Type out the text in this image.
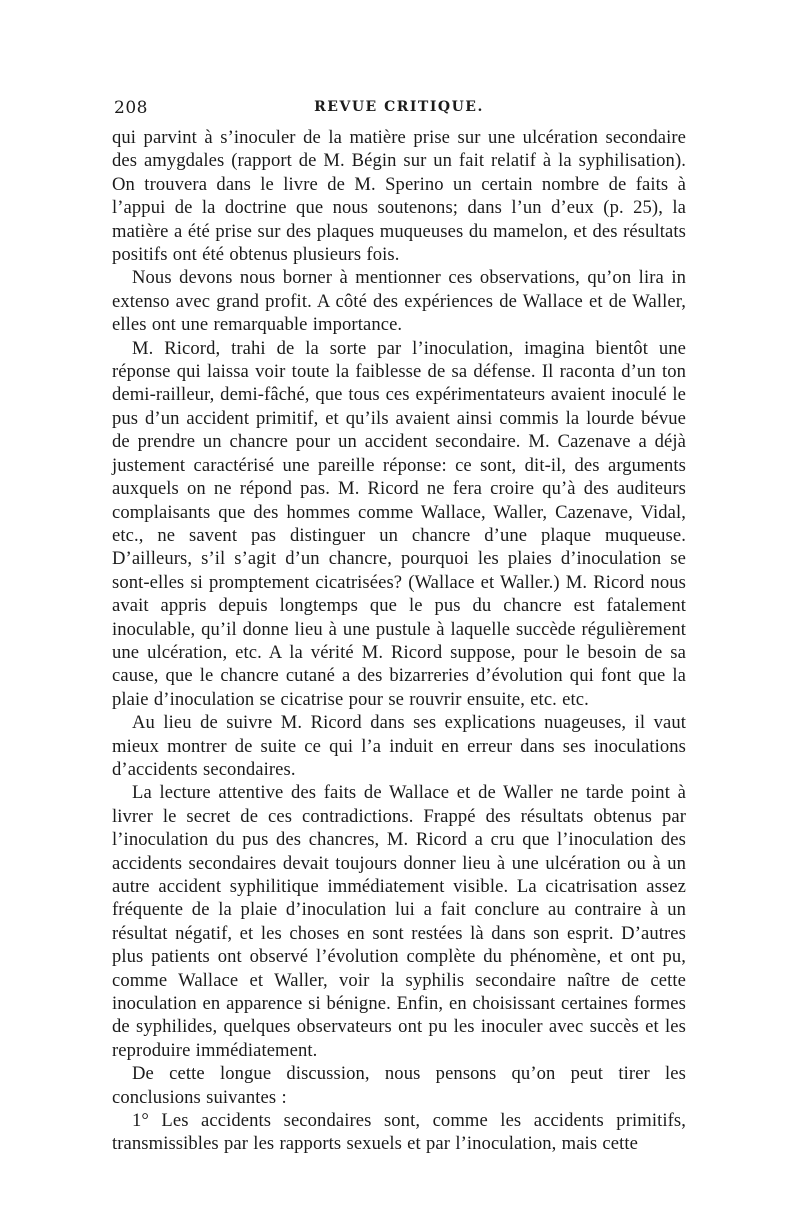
208	REVUE CRITIQUE.

qui parvint à s’inoculer de la matière prise sur une ulcération secondaire des amygdales (rapport de M. Bégin sur un fait relatif à la syphilisation). On trouvera dans le livre de M. Sperino un certain nombre de faits à l’appui de la doctrine que nous soutenons; dans l’un d’eux (p. 25), la matière a été prise sur des plaques muqueuses du mamelon, et des résultats positifs ont été obtenus plusieurs fois.

Nous devons nous borner à mentionner ces observations, qu’on lira in extenso avec grand profit. A côté des expériences de Wallace et de Waller, elles ont une remarquable importance.

M. Ricord, trahi de la sorte par l’inoculation, imagina bientôt une réponse qui laissa voir toute la faiblesse de sa défense. Il raconta d’un ton demi-railleur, demi-fâché, que tous ces expérimentateurs avaient inoculé le pus d’un accident primitif, et qu’ils avaient ainsi commis la lourde bévue de prendre un chancre pour un accident secondaire. M. Cazenave a déjà justement caractérisé une pareille réponse: ce sont, dit-il, des arguments auxquels on ne répond pas. M. Ricord ne fera croire qu’à des auditeurs complaisants que des hommes comme Wallace, Waller, Cazenave, Vidal, etc., ne savent pas distinguer un chancre d’une plaque muqueuse. D’ailleurs, s’il s’agit d’un chancre, pourquoi les plaies d’inoculation se sont-elles si promptement cicatrisées? (Wallace et Waller.) M. Ricord nous avait appris depuis longtemps que le pus du chancre est fatalement inoculable, qu’il donne lieu à une pustule à laquelle succède régulièrement une ulcération, etc. A la vérité M. Ricord suppose, pour le besoin de sa cause, que le chancre cutané a des bizarreries d’évolution qui font que la plaie d’inoculation se cicatrise pour se rouvrir ensuite, etc. etc.

Au lieu de suivre M. Ricord dans ses explications nuageuses, il vaut mieux montrer de suite ce qui l’a induit en erreur dans ses inoculations d’accidents secondaires.

La lecture attentive des faits de Wallace et de Waller ne tarde point à livrer le secret de ces contradictions. Frappé des résultats obtenus par l’inoculation du pus des chancres, M. Ricord a cru que l’inoculation des accidents secondaires devait toujours donner lieu à une ulcération ou à un autre accident syphilitique immédiatement visible. La cicatrisation assez fréquente de la plaie d’inoculation lui a fait conclure au contraire à un résultat négatif, et les choses en sont restées là dans son esprit. D’autres plus patients ont observé l’évolution complète du phénomène, et ont pu, comme Wallace et Waller, voir la syphilis secondaire naître de cette inoculation en apparence si bénigne. Enfin, en choisissant certaines formes de syphilides, quelques observateurs ont pu les inoculer avec succès et les reproduire immédiatement.

De cette longue discussion, nous pensons qu’on peut tirer les conclusions suivantes :

1° Les accidents secondaires sont, comme les accidents primitifs, transmissibles par les rapports sexuels et par l’inoculation, mais cette
